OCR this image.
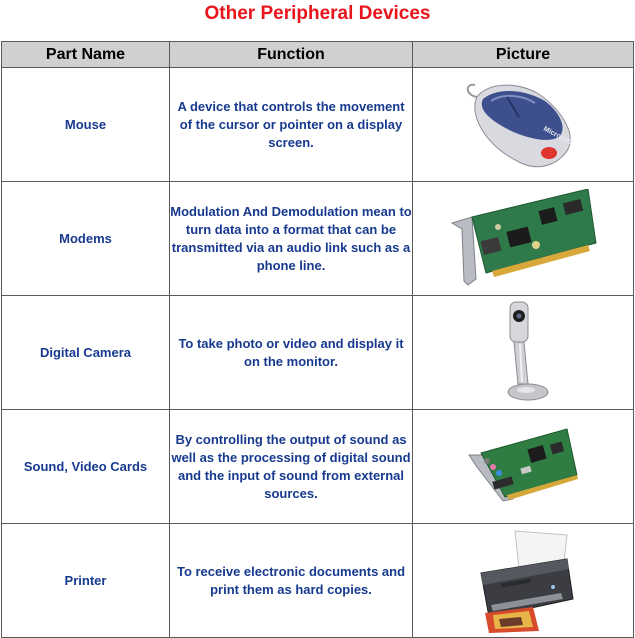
Other Peripheral Devices
Part Name	Function	Picture
Mouse	A device that controls the movement of the cursor or pointer on a display screen.	Microsoft

Modems	Modulation And Demodulation mean to turn data into a format that can be transmitted via an audio link such as a phone line.	

Digital Camera	To take photo or video and display it on the monitor.	

Sound, Video Cards	By controlling the output of sound as well as the processing of digital sound and the input of sound from external sources.	

Printer	To receive electronic documents and print them as hard copies.	
